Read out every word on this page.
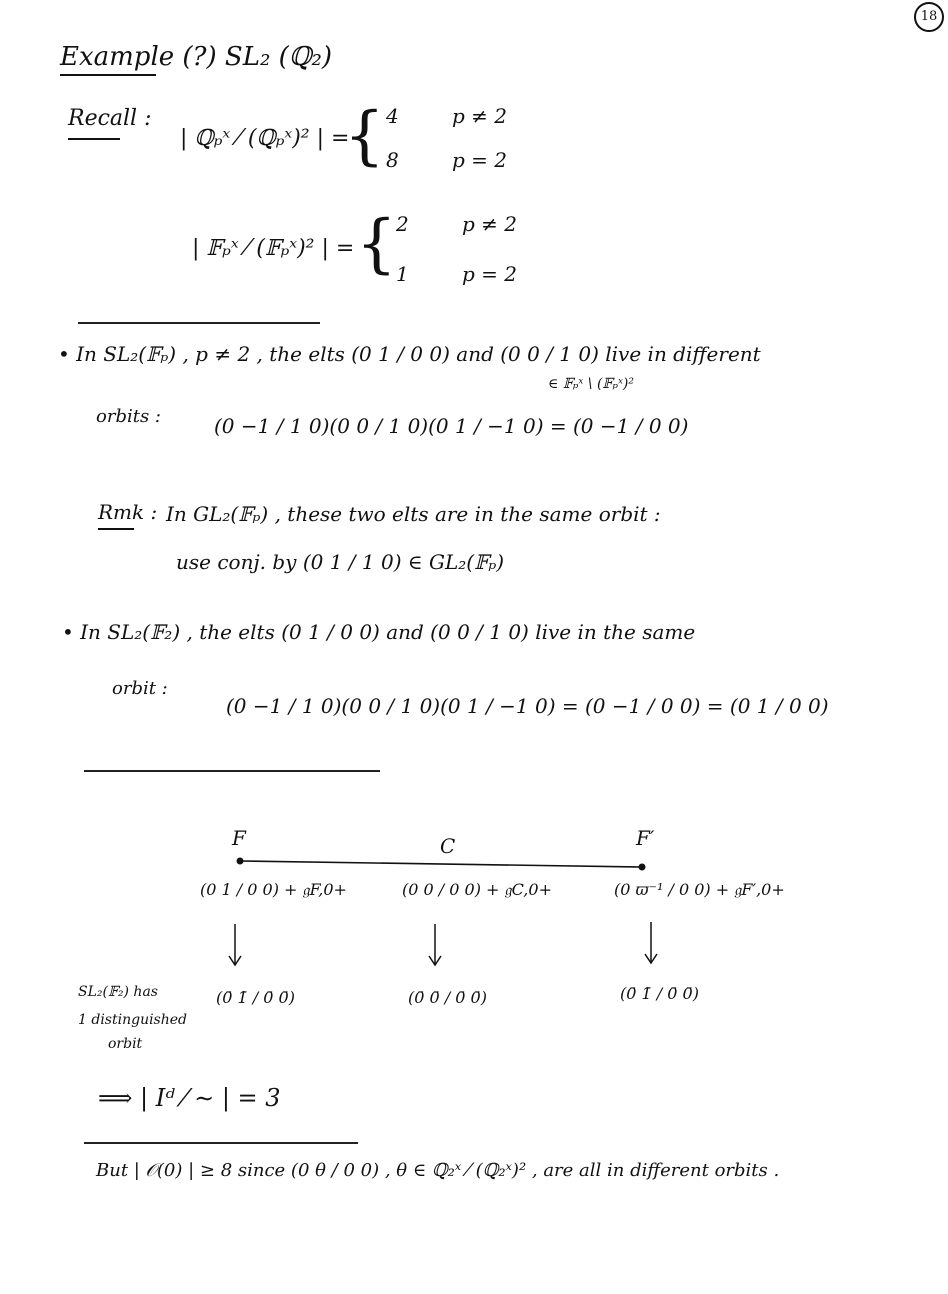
18
Example (?) SL₂ (ℚ₂)
Recall :
| ℚₚˣ ⁄ (ℚₚˣ)² | =
{ 4	p ≠ 2
8	p = 2
| 𝔽ₚˣ ⁄ (𝔽ₚˣ)² | = { 2	p ≠ 2
1	p = 2
• In SL₂(𝔽ₚ) , p ≠ 2 , the elts (0 1 / 0 0) and (0 0 / 1 0) live in different
∈ 𝔽ₚˣ \ (𝔽ₚˣ)²
orbits :	(0 −1 / 1 0)(0 0 / 1 0)(0 1 / −1 0) = (0 −1 / 0 0)
Rmk : In GL₂(𝔽ₚ) , these two elts are in the same orbit :
use conj. by (0 1 / 1 0) ∈ GL₂(𝔽ₚ)
• In SL₂(𝔽₂) , the elts (0 1 / 0 0) and (0 0 / 1 0) live in the same
orbit :
(0 −1 / 1 0)(0 0 / 1 0)(0 1 / −1 0) = (0 −1 / 0 0) = (0 1 / 0 0)
F	C	F′
(0 1 / 0 0) + 𝔤F,0+	(0 0 / 0 0) + 𝔤C,0+	(0 ϖ⁻¹ / 0 0) + 𝔤F′,0+
(0̄ 1̄ / 0̄ 0̄)	(0̄ 0̄ / 0̄ 0̄)	(0̄ 1̄ / 0̄ 0̄)
SL₂(𝔽₂) has
1 distinguished
orbit
⟹ | Iᵈ ⁄ ∼ | = 3
But | 𝒪(0) | ≥ 8 since (0 θ / 0 0) , θ ∈ ℚ₂ˣ ⁄ (ℚ₂ˣ)² , are all in different orbits .
